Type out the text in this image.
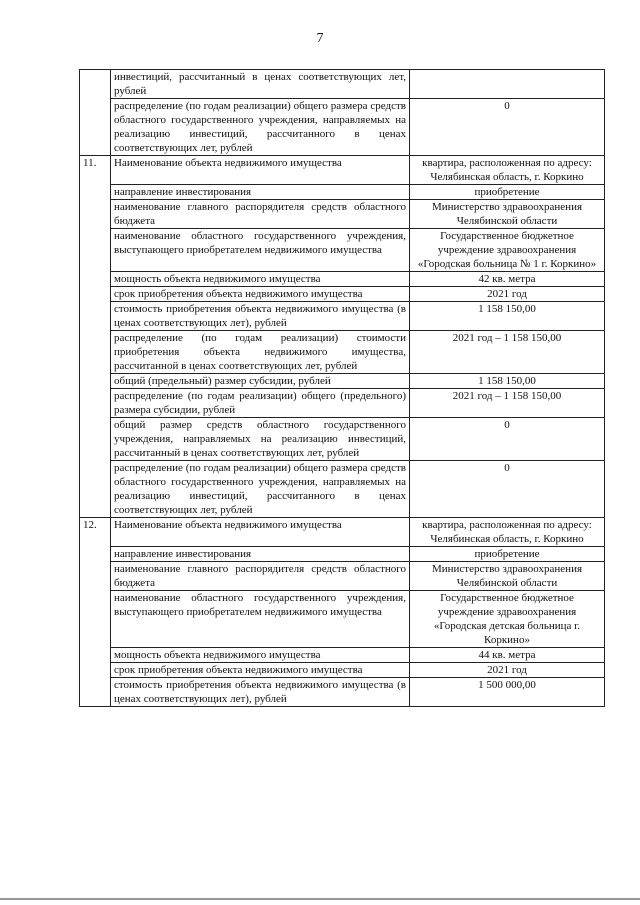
7
	инвестиций, рассчитанный в ценах соответствующих лет, рублей	
	распределение (по годам реализации) общего размера средств областного государственного учреждения, направляемых на реализацию инвестиций, рассчитанного в ценах соответствующих лет, рублей	0
11.	Наименование объекта недвижимого имущества	квартира, расположенная по адресу: Челябинская область, г. Коркино
	направление инвестирования	приобретение
	наименование главного распорядителя средств областного бюджета	Министерство здравоохранения Челябинской области
	наименование областного государственного учреждения, выступающего приобретателем недвижимого имущества	Государственное бюджетное учреждение здравоохранения «Городская больница № 1 г. Коркино»
	мощность объекта недвижимого имущества	42 кв. метра
	срок приобретения объекта недвижимого имущества	2021 год
	стоимость приобретения объекта недвижимого имущества (в ценах соответствующих лет), рублей	1 158 150,00
	распределение (по годам реализации) стоимости приобретения объекта недвижимого имущества, рассчитанной в ценах соответствующих лет, рублей	2021 год – 1 158 150,00
	общий (предельный) размер субсидии, рублей	1 158 150,00
	распределение (по годам реализации) общего (предельного) размера субсидии, рублей	2021 год – 1 158 150,00
	общий размер средств областного государственного учреждения, направляемых на реализацию инвестиций, рассчитанный в ценах соответствующих лет, рублей	0
	распределение (по годам реализации) общего размера средств областного государственного учреждения, направляемых на реализацию инвестиций, рассчитанного в ценах соответствующих лет, рублей	0
12.	Наименование объекта недвижимого имущества	квартира, расположенная по адресу: Челябинская область, г. Коркино
	направление инвестирования	приобретение
	наименование главного распорядителя средств областного бюджета	Министерство здравоохранения Челябинской области
	наименование областного государственного учреждения, выступающего приобретателем недвижимого имущества	Государственное бюджетное учреждение здравоохранения «Городская детская больница г. Коркино»
	мощность объекта недвижимого имущества	44 кв. метра
	срок приобретения объекта недвижимого имущества	2021 год
	стоимость приобретения объекта недвижимого имущества (в ценах соответствующих лет), рублей	1 500 000,00
